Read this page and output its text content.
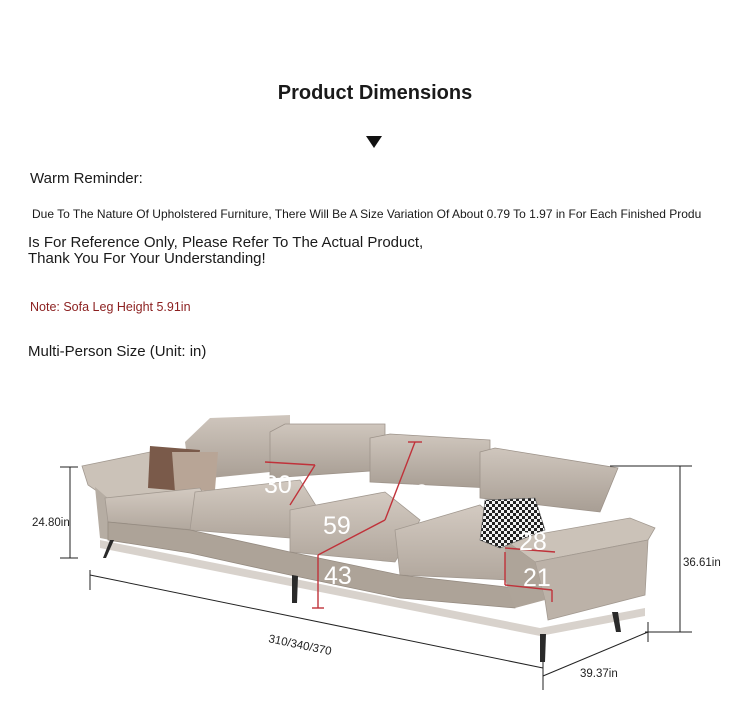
Product Dimensions
Warm Reminder:
Due To The Nature Of Upholstered Furniture, There Will Be A Size Variation Of About 0.79 To 1.97 in For Each Finished Produ
Is For Reference Only, Please Refer To The Actual Product,
Thank You For Your Understanding!
Note: Sofa Leg Height 5.91in
Multi-Person Size (Unit: in)
24.80in
36.61in
310/340/370
39.37in
30	59
59
43
28
21
